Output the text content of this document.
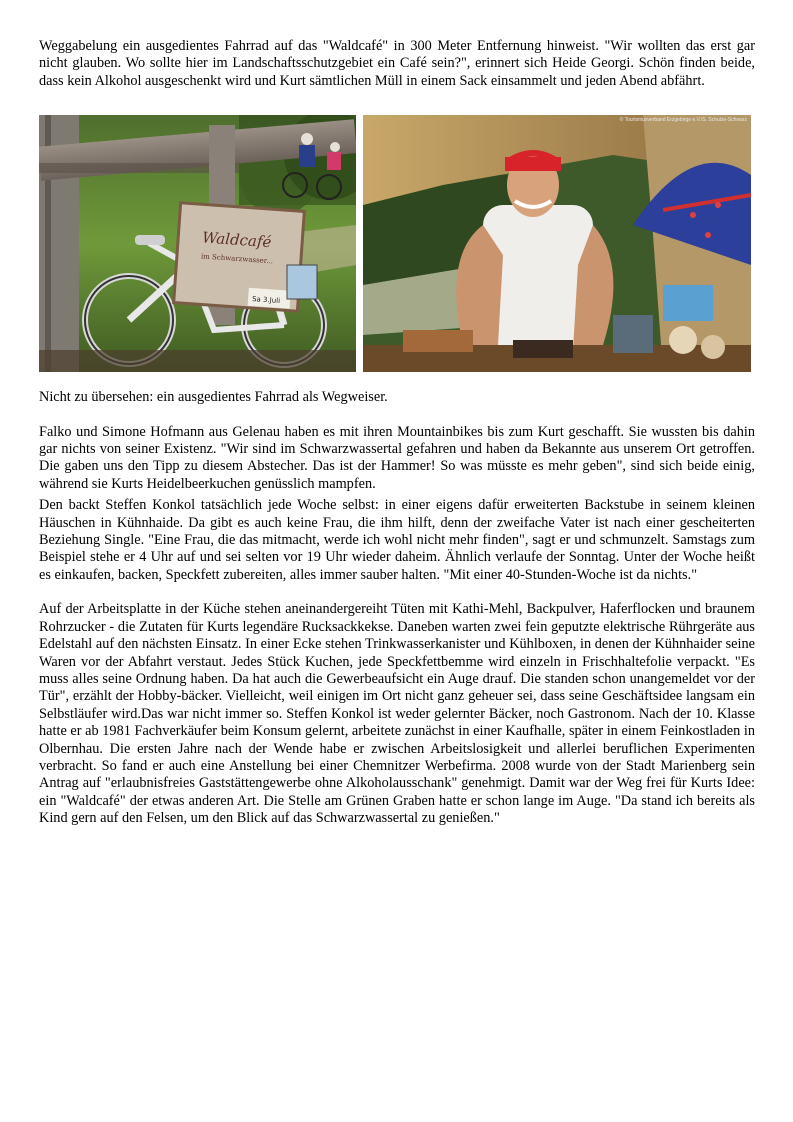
Weggabelung ein ausgedientes Fahrrad auf das "Waldcafé" in 300 Meter Entfernung hinweist. "Wir wollten das erst gar nicht glauben. Wo sollte hier im Landschaftsschutzgebiet ein Café sein?", erinnert sich Heide Georgi. Schön finden beide, dass kein Alkohol ausgeschenkt wird und Kurt sämtlichen Müll in einem Sack einsammelt und jeden Abend abfährt.

Waldcafé
im Schwarzwasser...
Sa 3.Juli
© Tourismusverband Erzgebirge e.V./S. Schulze-Schwarz

Nicht zu übersehen: ein ausgedientes Fahrrad als Wegweiser.

Falko und Simone Hofmann aus Gelenau haben es mit ihren Mountainbikes bis zum Kurt geschafft. Sie wussten bis dahin gar nichts von seiner Existenz. "Wir sind im Schwarzwassertal gefahren und haben da Bekannte aus unserem Ort getroffen. Die gaben uns den Tipp zu diesem Abstecher. Das ist der Hammer! So was müsste es mehr geben", sind sich beide einig, während sie Kurts Heidelbeerkuchen genüsslich mampfen.

Den backt Steffen Konkol tatsächlich jede Woche selbst: in einer eigens dafür erweiterten Backstube in seinem kleinen Häuschen in Kühnhaide. Da gibt es auch keine Frau, die ihm hilft, denn der zweifache Vater ist nach einer gescheiterten Beziehung Single. "Eine Frau, die das mitmacht, werde ich wohl nicht mehr finden", sagt er und schmunzelt. Samstags zum Beispiel stehe er 4 Uhr auf und sei selten vor 19 Uhr wieder daheim. Ähnlich verlaufe der Sonntag. Unter der Woche heißt es einkaufen, backen, Speckfett zubereiten, alles immer sauber halten. "Mit einer 40-Stunden-Woche ist da nichts."

Auf der Arbeitsplatte in der Küche stehen aneinandergereiht Tüten mit Kathi-Mehl, Backpulver, Haferflocken und braunem Rohrzucker - die Zutaten für Kurts legendäre Rucksackkekse. Daneben warten zwei fein geputzte elektrische Rührgeräte aus Edelstahl auf den nächsten Einsatz. In einer Ecke stehen Trinkwasserkanister und Kühlboxen, in denen der Kühnhaider seine Waren vor der Abfahrt verstaut. Jedes Stück Kuchen, jede Speckfettbemme wird einzeln in Frischhaltefolie verpackt. "Es muss alles seine Ordnung haben. Da hat auch die Gewerbeaufsicht ein Auge drauf. Die standen schon unangemeldet vor der Tür", erzählt der Hobby-bäcker. Vielleicht, weil einigen im Ort nicht ganz geheuer sei, dass seine Geschäftsidee langsam ein Selbstläufer wird.Das war nicht immer so. Steffen Konkol ist weder gelernter Bäcker, noch Gastronom. Nach der 10. Klasse hatte er ab 1981 Fachverkäufer beim Konsum gelernt, arbeitete zunächst in einer Kaufhalle, später in einem Feinkostladen in Olbernhau. Die ersten Jahre nach der Wende habe er zwischen Arbeitslosigkeit und allerlei beruflichen Experimenten verbracht. So fand er auch eine Anstellung bei einer Chemnitzer Werbefirma. 2008 wurde von der Stadt Marienberg sein Antrag auf "erlaubnisfreies Gaststättengewerbe ohne Alkoholausschank" genehmigt. Damit war der Weg frei für Kurts Idee: ein "Waldcafé" der etwas anderen Art. Die Stelle am Grünen Graben hatte er schon lange im Auge. "Da stand ich bereits als Kind gern auf den Felsen, um den Blick auf das Schwarzwassertal zu genießen."
